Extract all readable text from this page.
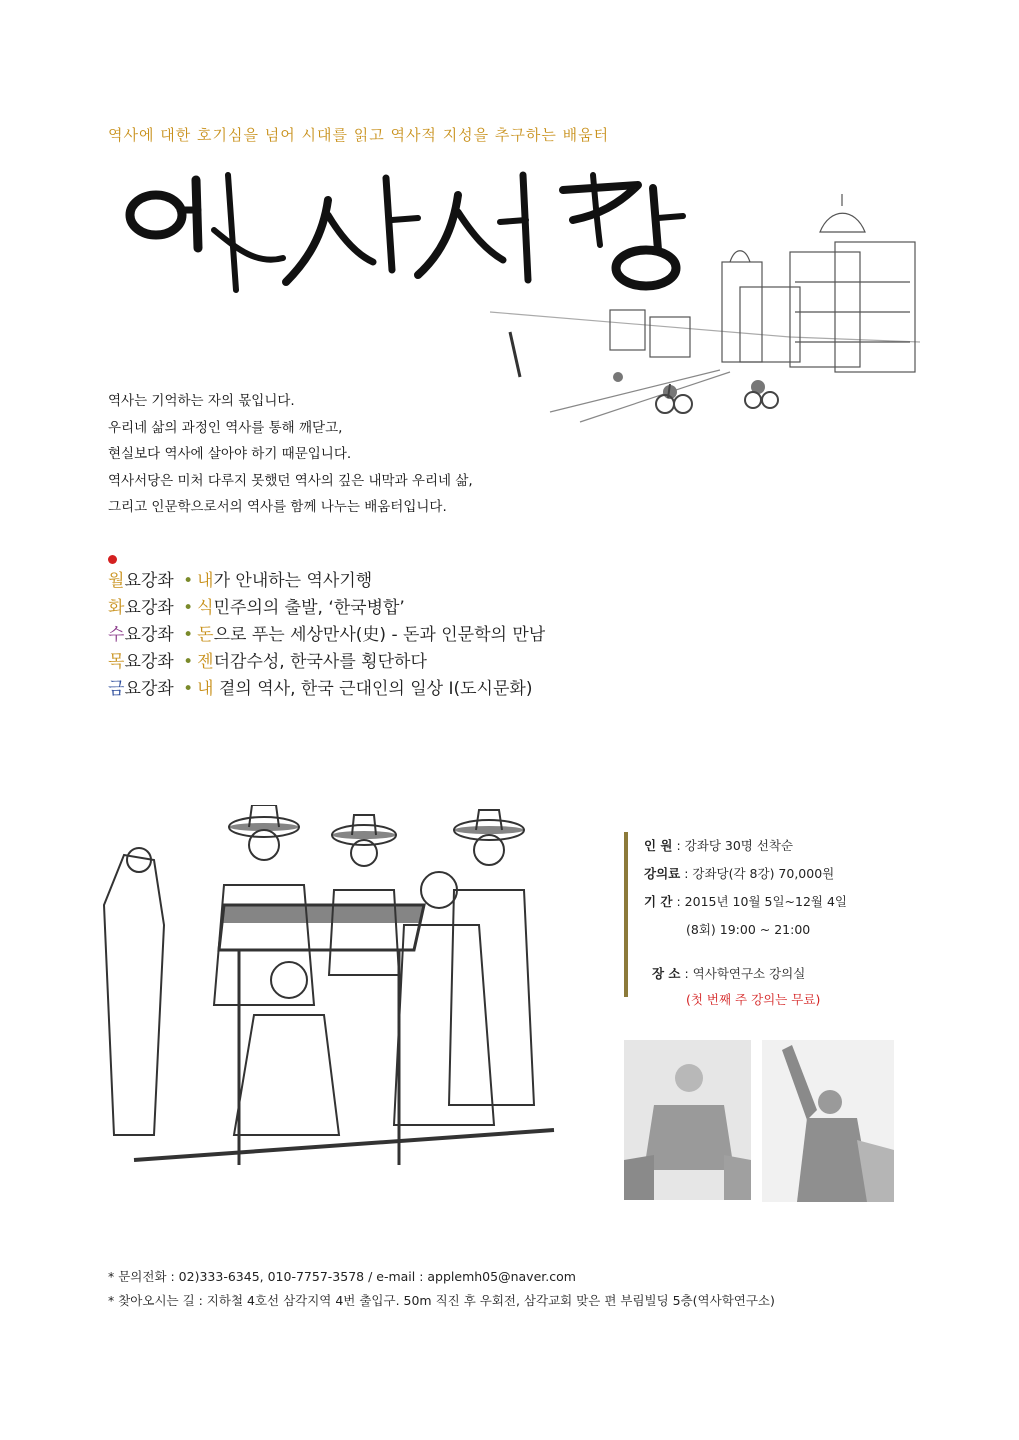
역사에 대한 호기심을 넘어 시대를 읽고 역사적 지성을 추구하는 배움터
역사는 기억하는 자의 몫입니다.
우리네 삶의 과정인 역사를 통해 깨닫고,
현실보다 역사에 살아야 하기 때문입니다.
역사서당은 미처 다루지 못했던 역사의 깊은 내막과 우리네 삶,
그리고 인문학으로서의 역사를 함께 나누는 배움터입니다.
월요강좌 • 내가 안내하는 역사기행
화요강좌 • 식민주의의 출발, ‘한국병합’
수요강좌 • 돈으로 푸는 세상만사(史) - 돈과 인문학의 만남
목요강좌 • 젠더감수성, 한국사를 횡단하다
금요강좌 • 내 곁의 역사, 한국 근대인의 일상 Ⅰ(도시문화)
인 원 : 강좌당 30명 선착순
강의료 : 강좌당(각 8강) 70,000원
기 간 : 2015년 10월 5일~12월 4일
(8회) 19:00 ~ 21:00
장 소 : 역사학연구소 강의실
(첫 번째 주 강의는 무료)
* 문의전화 : 02)333-6345, 010-7757-3578 / e-mail : applemh05@naver.com
* 찾아오시는 길 : 지하철 4호선 삼각지역 4번 출입구. 50m 직진 후 우회전, 삼각교회 맞은 편 부림빌딩 5층(역사학연구소)
